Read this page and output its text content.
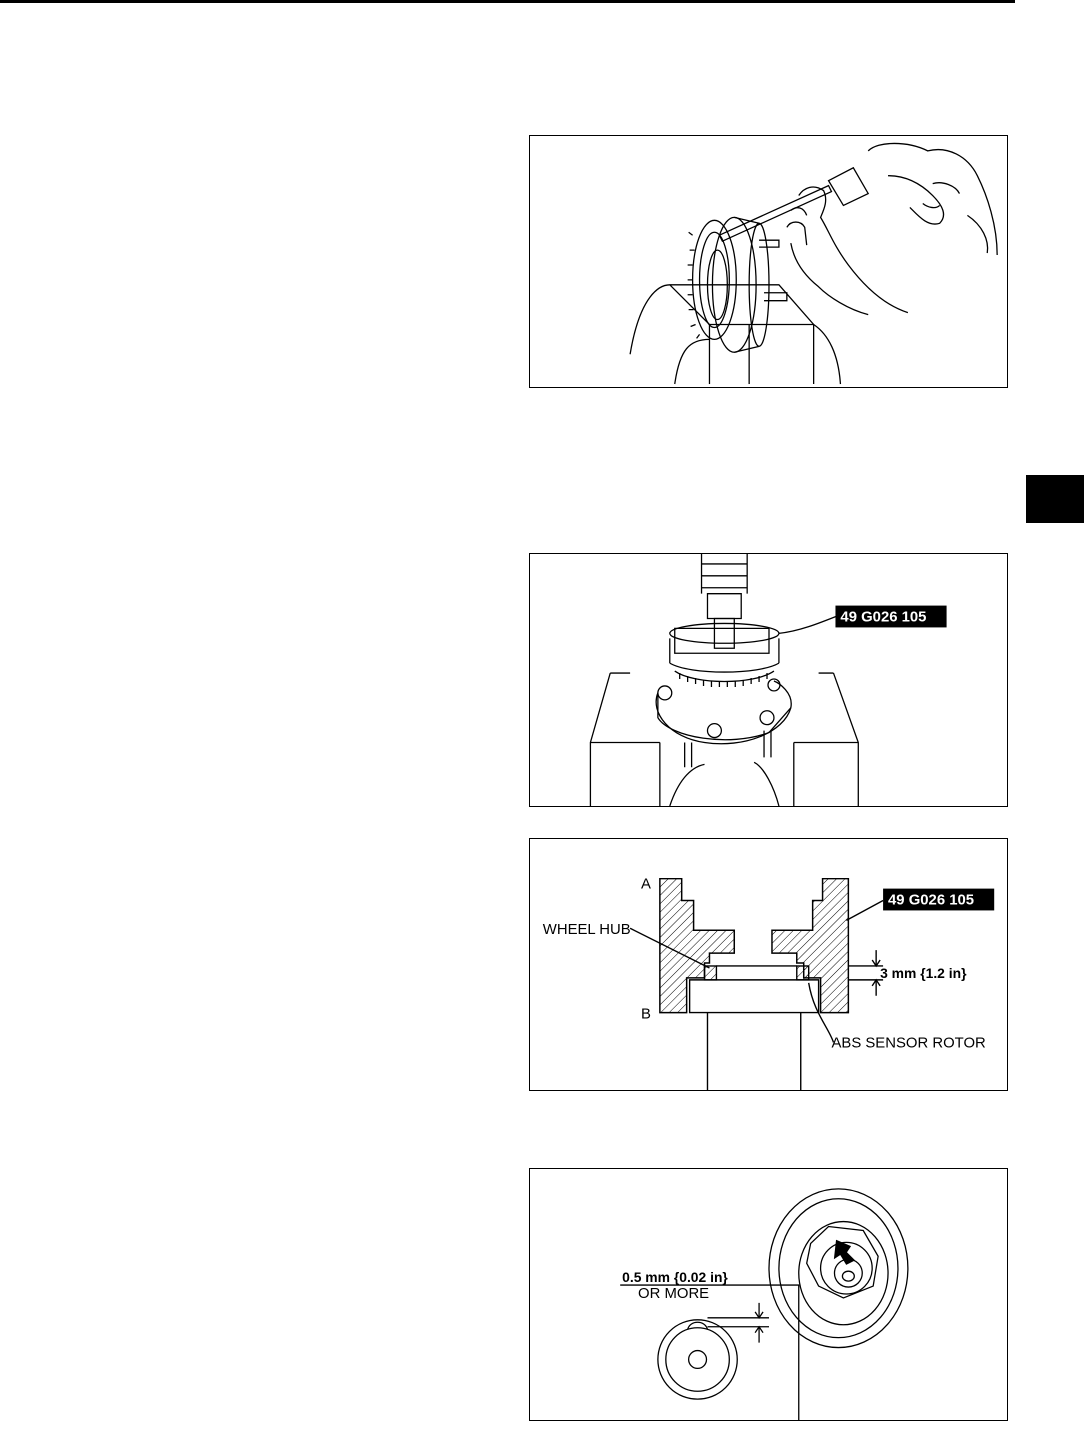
49 G026 105
A
B
WHEEL HUB
3 mm {1.2 in}
ABS SENSOR ROTOR
49 G026 105
0.5 mm {0.02 in}
OR MORE
